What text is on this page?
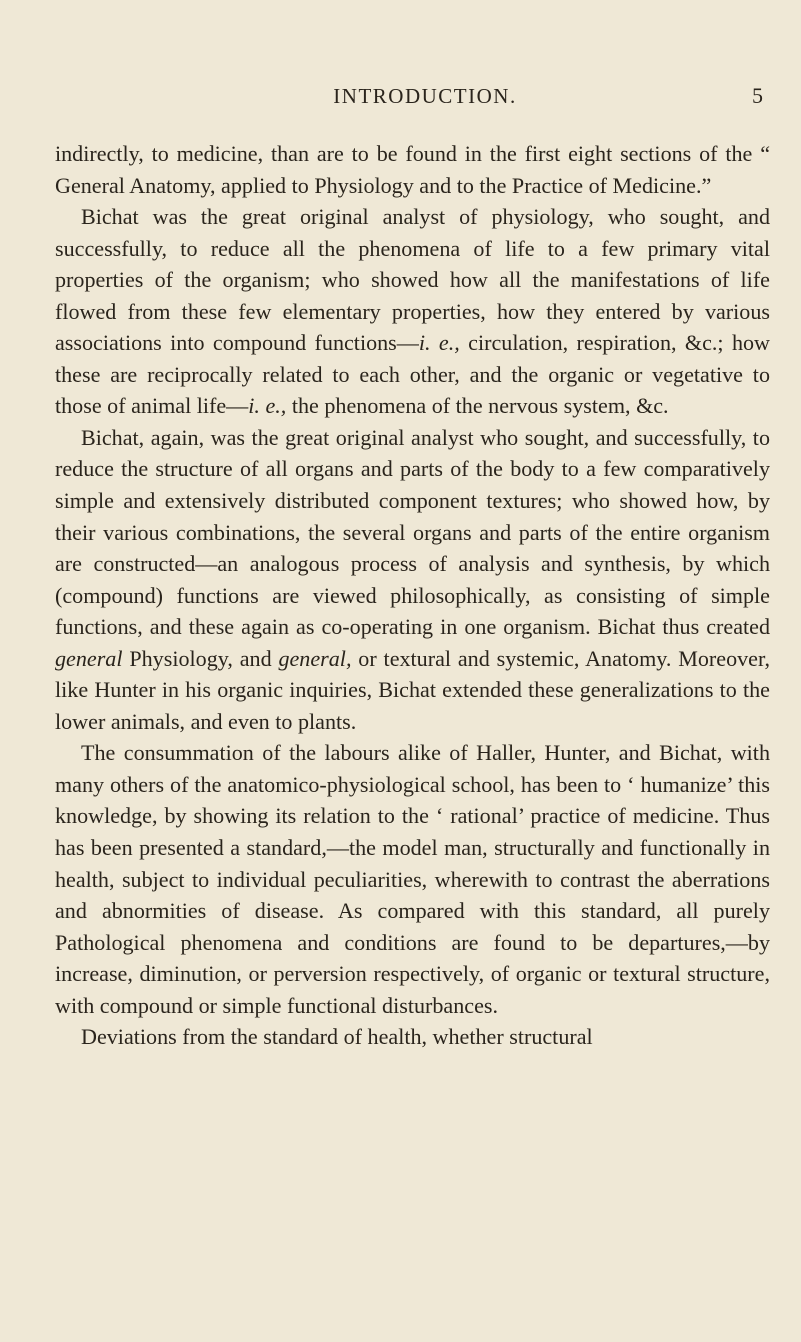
INTRODUCTION.	5

indirectly, to medicine, than are to be found in the first eight sections of the “ General Anatomy, applied to Physiology and to the Practice of Medicine.”

Bichat was the great original analyst of physiology, who sought, and successfully, to reduce all the phenomena of life to a few primary vital properties of the organism; who showed how all the manifestations of life flowed from these few elementary properties, how they entered by various associations into compound functions—i. e., circulation, respiration, &c.; how these are reciprocally related to each other, and the organic or vegetative to those of animal life—i. e., the phenomena of the nervous system, &c.

Bichat, again, was the great original analyst who sought, and successfully, to reduce the structure of all organs and parts of the body to a few comparatively simple and extensively distributed component textures; who showed how, by their various combinations, the several organs and parts of the entire organism are constructed—an analogous process of analysis and synthesis, by which (compound) functions are viewed philosophically, as consisting of simple functions, and these again as co-operating in one organism. Bichat thus created general Physiology, and general, or textural and systemic, Anatomy. Moreover, like Hunter in his organic inquiries, Bichat extended these generalizations to the lower animals, and even to plants.

The consummation of the labours alike of Haller, Hunter, and Bichat, with many others of the anatomico-physiological school, has been to ‘ humanize’ this knowledge, by showing its relation to the ‘ rational’ practice of medicine. Thus has been presented a standard,—the model man, structurally and functionally in health, subject to individual peculiarities, wherewith to contrast the aberrations and abnormities of disease. As compared with this standard, all purely Pathological phenomena and conditions are found to be departures,—by increase, diminution, or perversion respectively, of organic or textural structure, with compound or simple functional disturbances.

Deviations from the standard of health, whether structural
